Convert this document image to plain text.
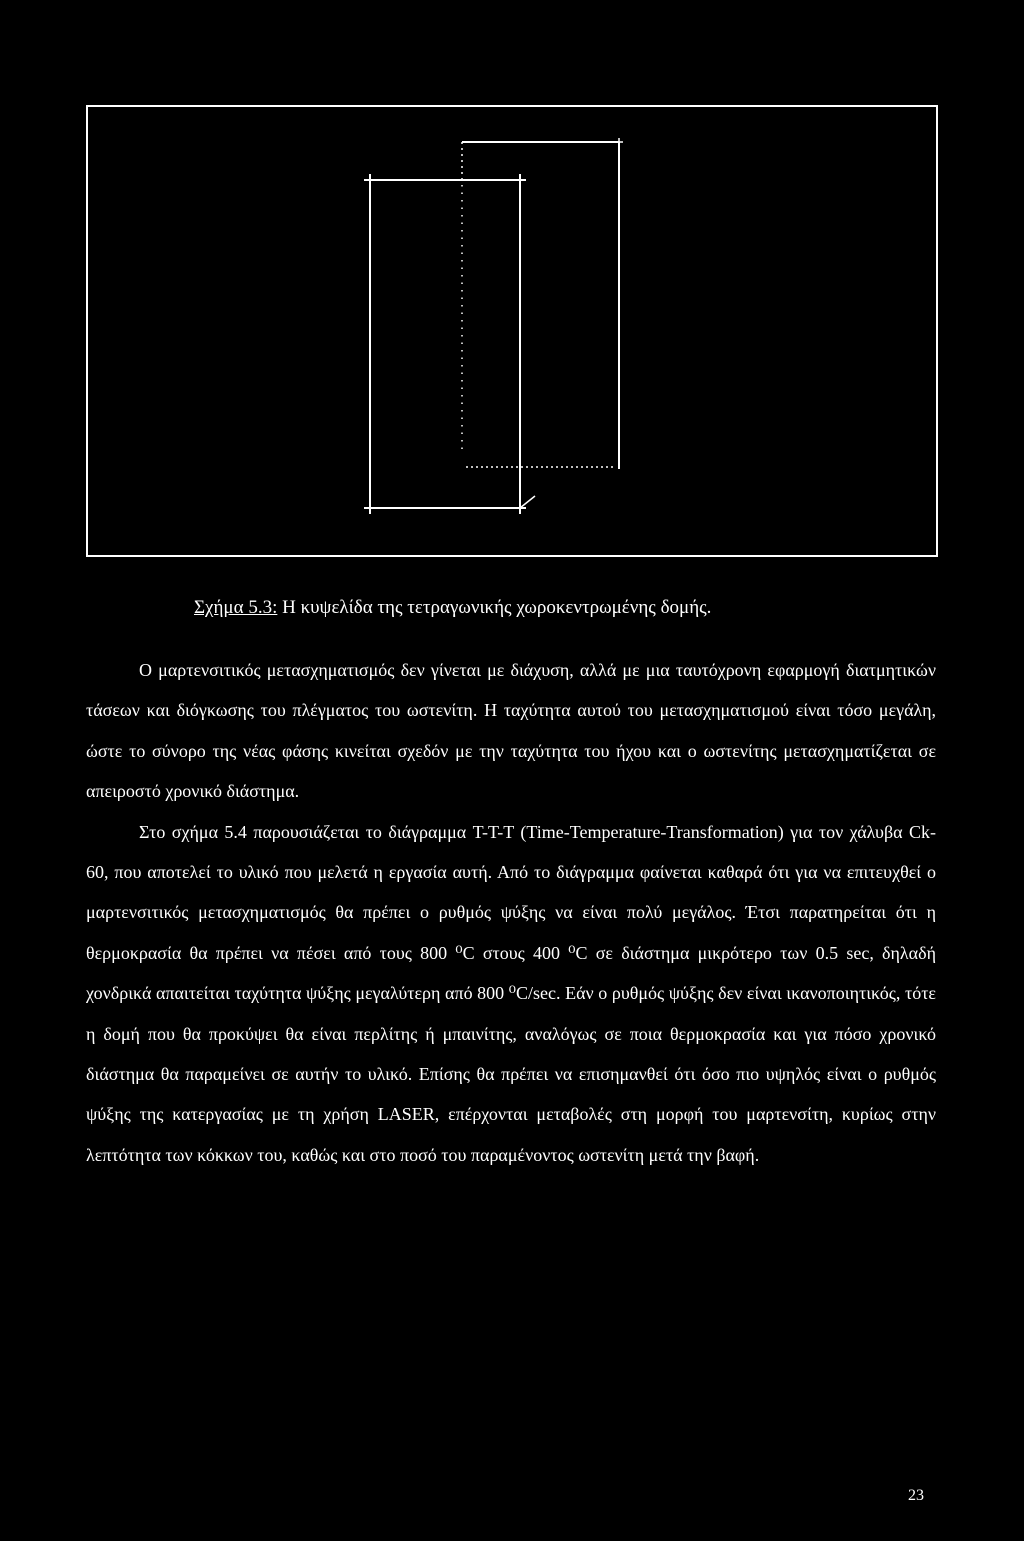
Σχήμα 5.3: Η κυψελίδα της τετραγωνικής χωροκεντρωμένης δομής.

Ο μαρτενσιτικός μετασχηματισμός δεν γίνεται με διάχυση, αλλά με μια ταυτόχρονη εφαρμογή διατμητικών τάσεων και διόγκωσης του πλέγματος του ωστενίτη. Η ταχύτητα αυτού του μετασχηματισμού είναι τόσο μεγάλη, ώστε το σύνορο της νέας φάσης κινείται σχεδόν με την ταχύτητα του ήχου και ο ωστενίτης μετασχηματίζεται σε απειροστό χρονικό διάστημα.

Στο σχήμα 5.4 παρουσιάζεται το διάγραμμα T-T-T (Time-Temperature-Transformation) για τον χάλυβα Ck-60, που αποτελεί το υλικό που μελετά η εργασία αυτή. Από το διάγραμμα φαίνεται καθαρά ότι για να επιτευχθεί ο μαρτενσιτικός μετασχηματισμός θα πρέπει ο ρυθμός ψύξης να είναι πολύ μεγάλος. Έτσι παρατηρείται ότι η θερμοκρασία θα πρέπει να πέσει από τους 800 ⁰C στους 400 ⁰C σε διάστημα μικρότερο των 0.5 sec, δηλαδή χονδρικά απαιτείται ταχύτητα ψύξης μεγαλύτερη από 800 ⁰C/sec. Εάν ο ρυθμός ψύξης δεν είναι ικανοποιητικός, τότε η δομή που θα προκύψει θα είναι περλίτης ή μπαινίτης, αναλόγως σε ποια θερμοκρασία και για πόσο χρονικό διάστημα θα παραμείνει σε αυτήν το υλικό. Επίσης θα πρέπει να επισημανθεί ότι όσο πιο υψηλός είναι ο ρυθμός ψύξης της κατεργασίας με τη χρήση LASER, επέρχονται μεταβολές στη μορφή του μαρτενσίτη, κυρίως στην λεπτότητα των κόκκων του, καθώς και στο ποσό του παραμένοντος ωστενίτη μετά την βαφή.

23
